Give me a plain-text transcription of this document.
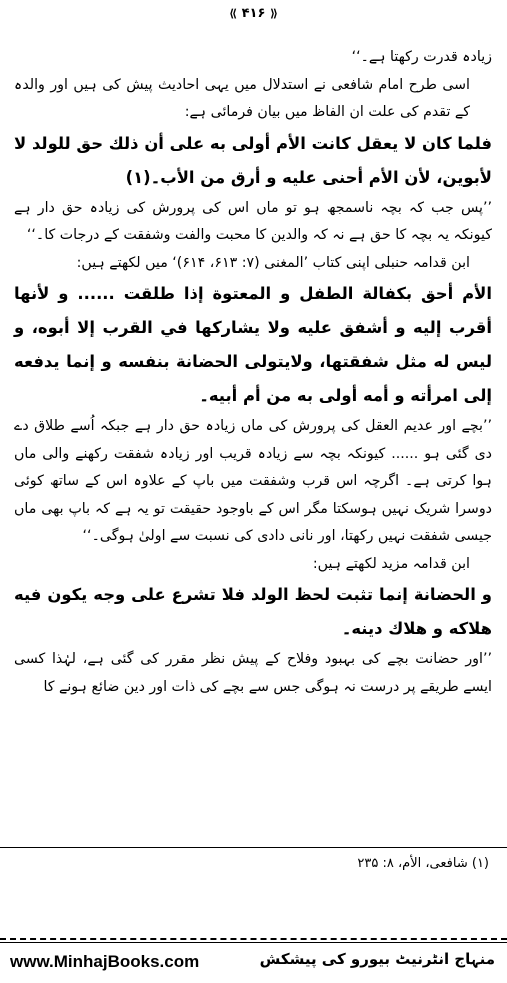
⟪ ۴۱۶ ⟫

زیادہ قدرت رکھتا ہے۔‘‘

اسی طرح امام شافعی نے استدلال میں یہی احادیث پیش کی ہیں اور والدہ کے تقدم کی علت ان الفاظ میں بیان فرمائی ہے:

فلما كان لا يعقل كانت الأم أولى به على أن ذلك حق للولد لا لأبوين، لأن الأم أحنى عليه و أرق من الأب۔(۱)

’’پس جب کہ بچہ ناسمجھ ہو تو ماں اس کی پرورش کی زیادہ حق دار ہے کیونکہ یہ بچہ کا حق ہے نہ کہ والدین کا محبت والفت وشفقت کے درجات کا۔‘‘

ابن قدامہ حنبلی اپنی کتاب ’المغنی (۷: ۶۱۳، ۶۱۴)‘ میں لکھتے ہیں:

الأم أحق بكفالة الطفل و المعتوة إذا طلقت ...... و لأنها أقرب إليه و أشفق عليه ولا يشاركها في القرب إلا أبوه، و ليس له مثل شفقتها، ولايتولى الحضانة بنفسه و إنما يدفعه إلى امرأته و أمه أولى به من أم أبيه۔

’’بچے اور عدیم العقل کی پرورش کی ماں زیادہ حق دار ہے جبکہ اُسے طلاق دے دی گئی ہو ...... کیونکہ بچہ سے زیادہ قریب اور زیادہ شفقت رکھنے والی ماں ہوا کرتی ہے۔ اگرچہ اس قرب وشفقت میں باپ کے علاوہ اس کے ساتھ کوئی دوسرا شریک نہیں ہوسکتا مگر اس کے باوجود حقیقت تو یہ ہے کہ باپ بھی ماں جیسی شفقت نہیں رکھتا، اور نانی دادی کی نسبت سے اولیٰ ہوگی۔‘‘

ابن قدامہ مزید لکھتے ہیں:

و الحضانة إنما تثبت لحظ الولد فلا تشرع على وجه يكون فيه هلاكه و هلاك دينه۔

’’اور حضانت بچے کی بہبود وفلاح کے پیش نظر مقرر کی گئی ہے، لہٰذا کسی ایسے طریقے پر درست نہ ہوگی جس سے بچے کی ذات اور دین ضائع ہونے کا

(۱) شافعی، الأم، ۸: ۲۳۵
www.MinhajBooks.com	منہاج انٹرنیٹ بیورو کی پیشکش
